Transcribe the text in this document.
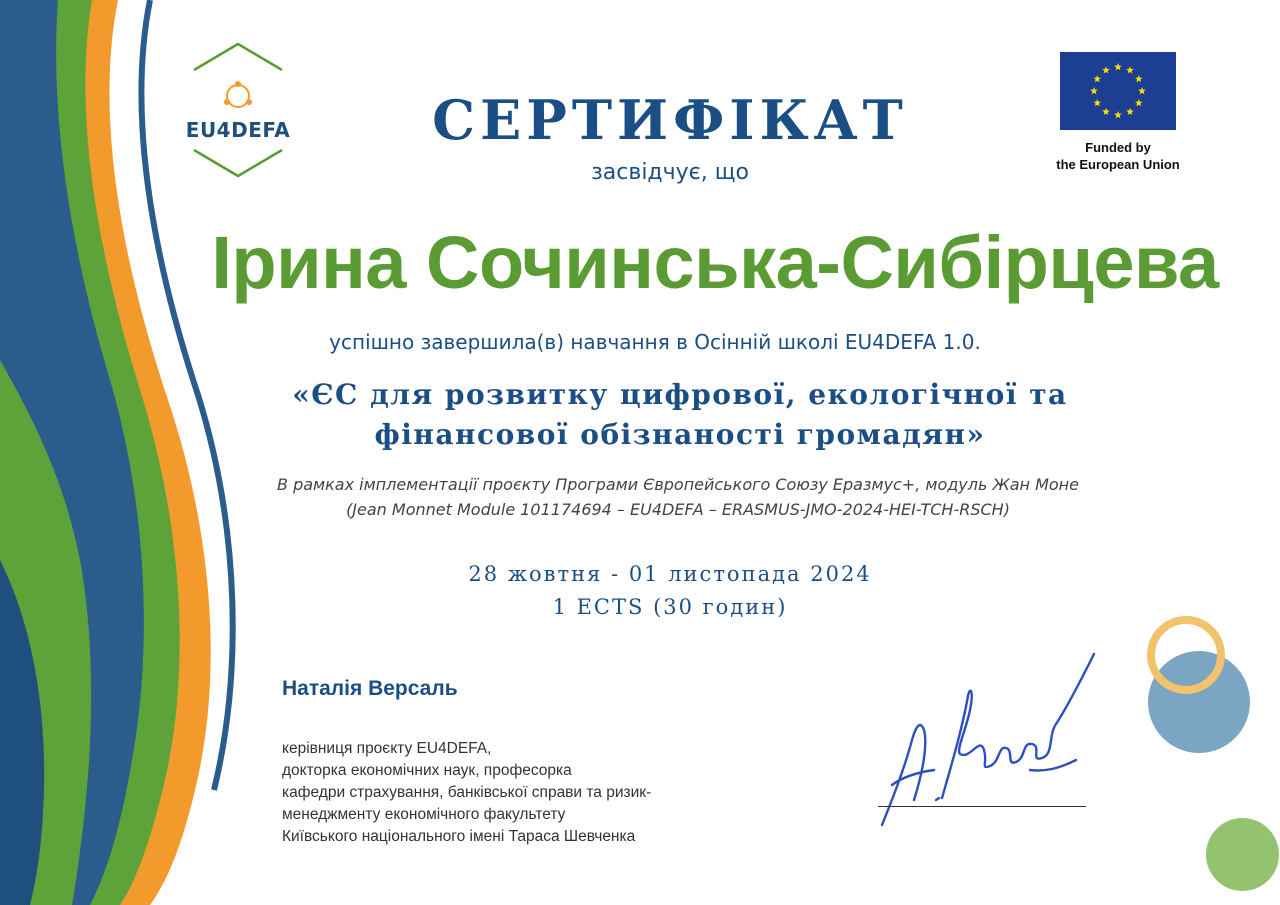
EU4DEFA	СЕРТИФІКАТ
засвідчує, що
Funded by
the European Union
Ірина Сочинська-Сибірцева
успішно завершила(в) навчання в Осінній школі EU4DEFA 1.0.
«ЄС для розвитку цифрової, екологічної та
фінансової обізнаності громадян»
В рамках імплементації проєкту Програми Європейського Союзу Еразмус+, модуль Жан Моне
(Jean Monnet Module 101174694 – EU4DEFA – ERASMUS-JMO-2024-HEI-TCH-RSCH)
28 жовтня - 01 листопада 2024
1 ECTS (30 годин)
Наталія Версаль
керівниця проєкту EU4DEFA,
докторка економічних наук, професорка
кафедри страхування, банківської справи та ризик-
менеджменту економічного факультету
Київського національного імені Тараса Шевченка
